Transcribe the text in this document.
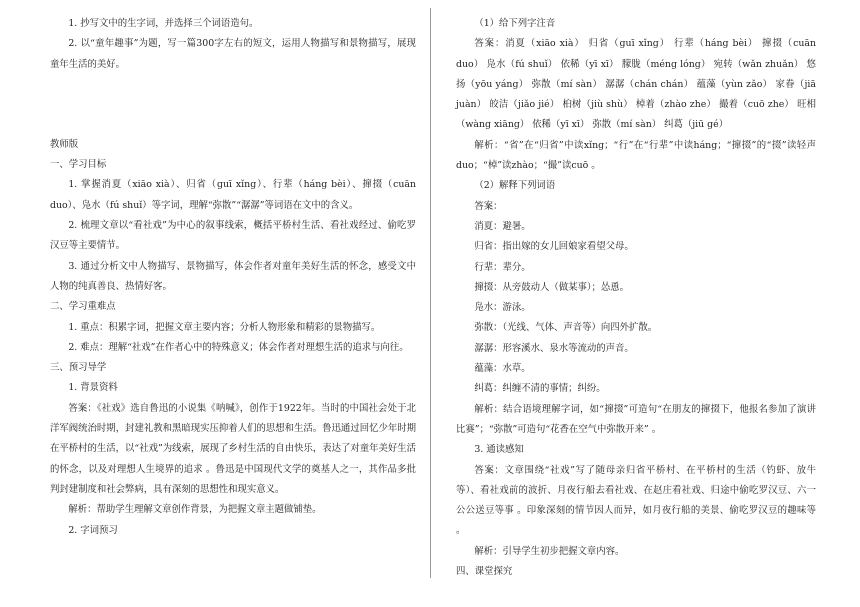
1. 抄写文中的生字词，并选择三个词语造句。

2. 以“童年趣事”为题，写一篇300字左右的短文，运用人物描写和景物描写，展现童年生活的美好。

教师版

一、学习目标

1. 掌握消夏（xiāo xià）、归省（guī xǐng）、行辈（háng bèi）、撺掇（cuān duo）、凫水（fú shuǐ）等字词，理解“弥散”“潺潺”等词语在文中的含义。

2. 梳理文章以“看社戏”为中心的叙事线索，概括平桥村生活、看社戏经过、偷吃罗汉豆等主要情节。

3. 通过分析文中人物描写、景物描写，体会作者对童年美好生活的怀念，感受文中人物的纯真善良、热情好客。

二、学习重难点

1. 重点：积累字词，把握文章主要内容；分析人物形象和精彩的景物描写。

2. 难点：理解“社戏”在作者心中的特殊意义；体会作者对理想生活的追求与向往。

三、预习导学

1. 背景资料

答案：《社戏》选自鲁迅的小说集《呐喊》，创作于1922年。当时的中国社会处于北洋军阀统治时期，封建礼教和黑暗现实压抑着人们的思想和生活。鲁迅通过回忆少年时期在平桥村的生活，以“社戏”为线索，展现了乡村生活的自由快乐，表达了对童年美好生活的怀念，以及对理想人生境界的追求 。鲁迅是中国现代文学的奠基人之一，其作品多批判封建制度和社会弊病，具有深刻的思想性和现实意义。

解析：帮助学生理解文章创作背景，为把握文章主题做铺垫。

2. 字词预习

（1）给下列字注音

答案：消夏（xiāo xià） 归省（guī xǐng） 行辈（háng bèi） 撺掇（cuān duo） 凫水（fú shuǐ） 依稀（yī xī） 朦胧（méng lóng） 宛转（wǎn zhuǎn） 悠扬（yōu yáng） 弥散（mí sàn） 潺潺（chán chán） 蕴藻（yùn zǎo） 家眷（jiā juàn） 皎洁（jiǎo jié） 桕树（jiù shù） 棹着（zhào zhe） 撮着（cuō zhe） 旺相（wàng xiāng） 依稀（yī xī） 弥散（mí sàn） 纠葛（jiū gé）

解析：“省”在“归省”中读xǐng；“行”在“行辈”中读háng；“撺掇”的“掇”读轻声duo；“棹”读zhào；“撮”读cuō 。

（2）解释下列词语

答案：

消夏：避暑。

归省：指出嫁的女儿回娘家看望父母。

行辈：辈分。

撺掇：从旁鼓动人（做某事）；怂恿。

凫水：游泳。

弥散：（光线、气体、声音等）向四外扩散。

潺潺：形容溪水、泉水等流动的声音。

蕴藻：水草。

纠葛：纠缠不清的事情；纠纷。

解析：结合语境理解字词，如“撺掇”可造句“在朋友的撺掇下，他报名参加了演讲比赛”；“弥散”可造句“花香在空气中弥散开来” 。

3. 通读感知

答案：文章围绕“社戏”写了随母亲归省平桥村、在平桥村的生活（钓虾、放牛等）、看社戏前的波折、月夜行船去看社戏、在赵庄看社戏、归途中偷吃罗汉豆、六一公公送豆等事 。印象深刻的情节因人而异，如月夜行船的美景、偷吃罗汉豆的趣味等 。

解析：引导学生初步把握文章内容。

四、课堂探究
